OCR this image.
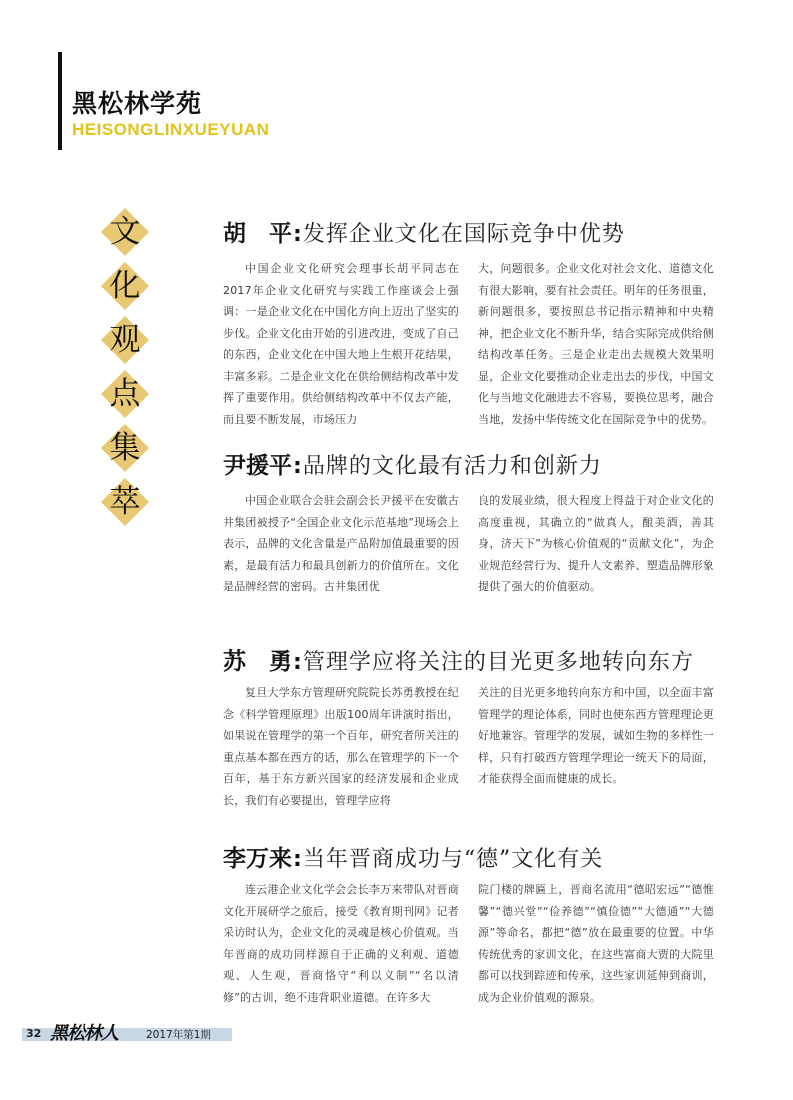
黑松林学苑
HEISONGLINXUEYUAN
文
化
观
点
集
萃
胡　平:发挥企业文化在国际竞争中优势
中国企业文化研究会理事长胡平同志在2017年企业文化研究与实践工作座谈会上强调：一是企业文化在中国化方向上迈出了坚实的步伐。企业文化由开始的引进改进，变成了自己的东西，企业文化在中国大地上生根开花结果，丰富多彩。二是企业文化在供给侧结构改革中发挥了重要作用。供给侧结构改革中不仅去产能，而且要不断发展，市场压力
大，问题很多。企业文化对社会文化、道德文化有很大影响，要有社会责任。明年的任务很重，新问题很多，要按照总书记指示精神和中央精神，把企业文化不断升华，结合实际完成供给侧结构改革任务。三是企业走出去规模大效果明显，企业文化要推动企业走出去的步伐，中国文化与当地文化融进去不容易，要换位思考，融合当地，发扬中华传统文化在国际竞争中的优势。
尹援平:品牌的文化最有活力和创新力
中国企业联合会驻会副会长尹援平在安徽古井集团被授予“全国企业文化示范基地”现场会上表示，品牌的文化含量是产品附加值最重要的因素，是最有活力和最具创新力的价值所在。文化是品牌经营的密码。古井集团优
良的发展业绩，很大程度上得益于对企业文化的高度重视，其确立的“做真人，酿美酒，善其身，济天下”为核心价值观的“贡献文化”，为企业规范经营行为、提升人文素养、塑造品牌形象提供了强大的价值驱动。
苏　勇:管理学应将关注的目光更多地转向东方
复旦大学东方管理研究院院长苏勇教授在纪念《科学管理原理》出版100周年讲演时指出，如果说在管理学的第一个百年，研究者所关注的重点基本都在西方的话，那么在管理学的下一个百年，基于东方新兴国家的经济发展和企业成长，我们有必要提出，管理学应将
关注的目光更多地转向东方和中国，以全面丰富管理学的理论体系，同时也使东西方管理理论更好地兼容。管理学的发展，诚如生物的多样性一样，只有打破西方管理学理论一统天下的局面，才能获得全面而健康的成长。
李万来:当年晋商成功与“德”文化有关
连云港企业文化学会会长李万来带队对晋商文化开展研学之旅后，接受《教育期刊网》记者采访时认为，企业文化的灵魂是核心价值观。当年晋商的成功同样源自于正确的义利观、道德观、人生观，晋商恪守“利以义制”“名以清修”的古训，绝不违背职业道德。在许多大
院门楼的牌匾上，晋商名流用“德昭宏远”“德惟馨”“德兴堂”“俭养德”“慎俭德”“大德通”“大德源”等命名，都把“德”放在最重要的位置。中华传统优秀的家训文化，在这些富商大贾的大院里都可以找到踪迹和传承，这些家训延伸到商训，成为企业价值观的源泉。
32 黑松林人	2017年第1期
